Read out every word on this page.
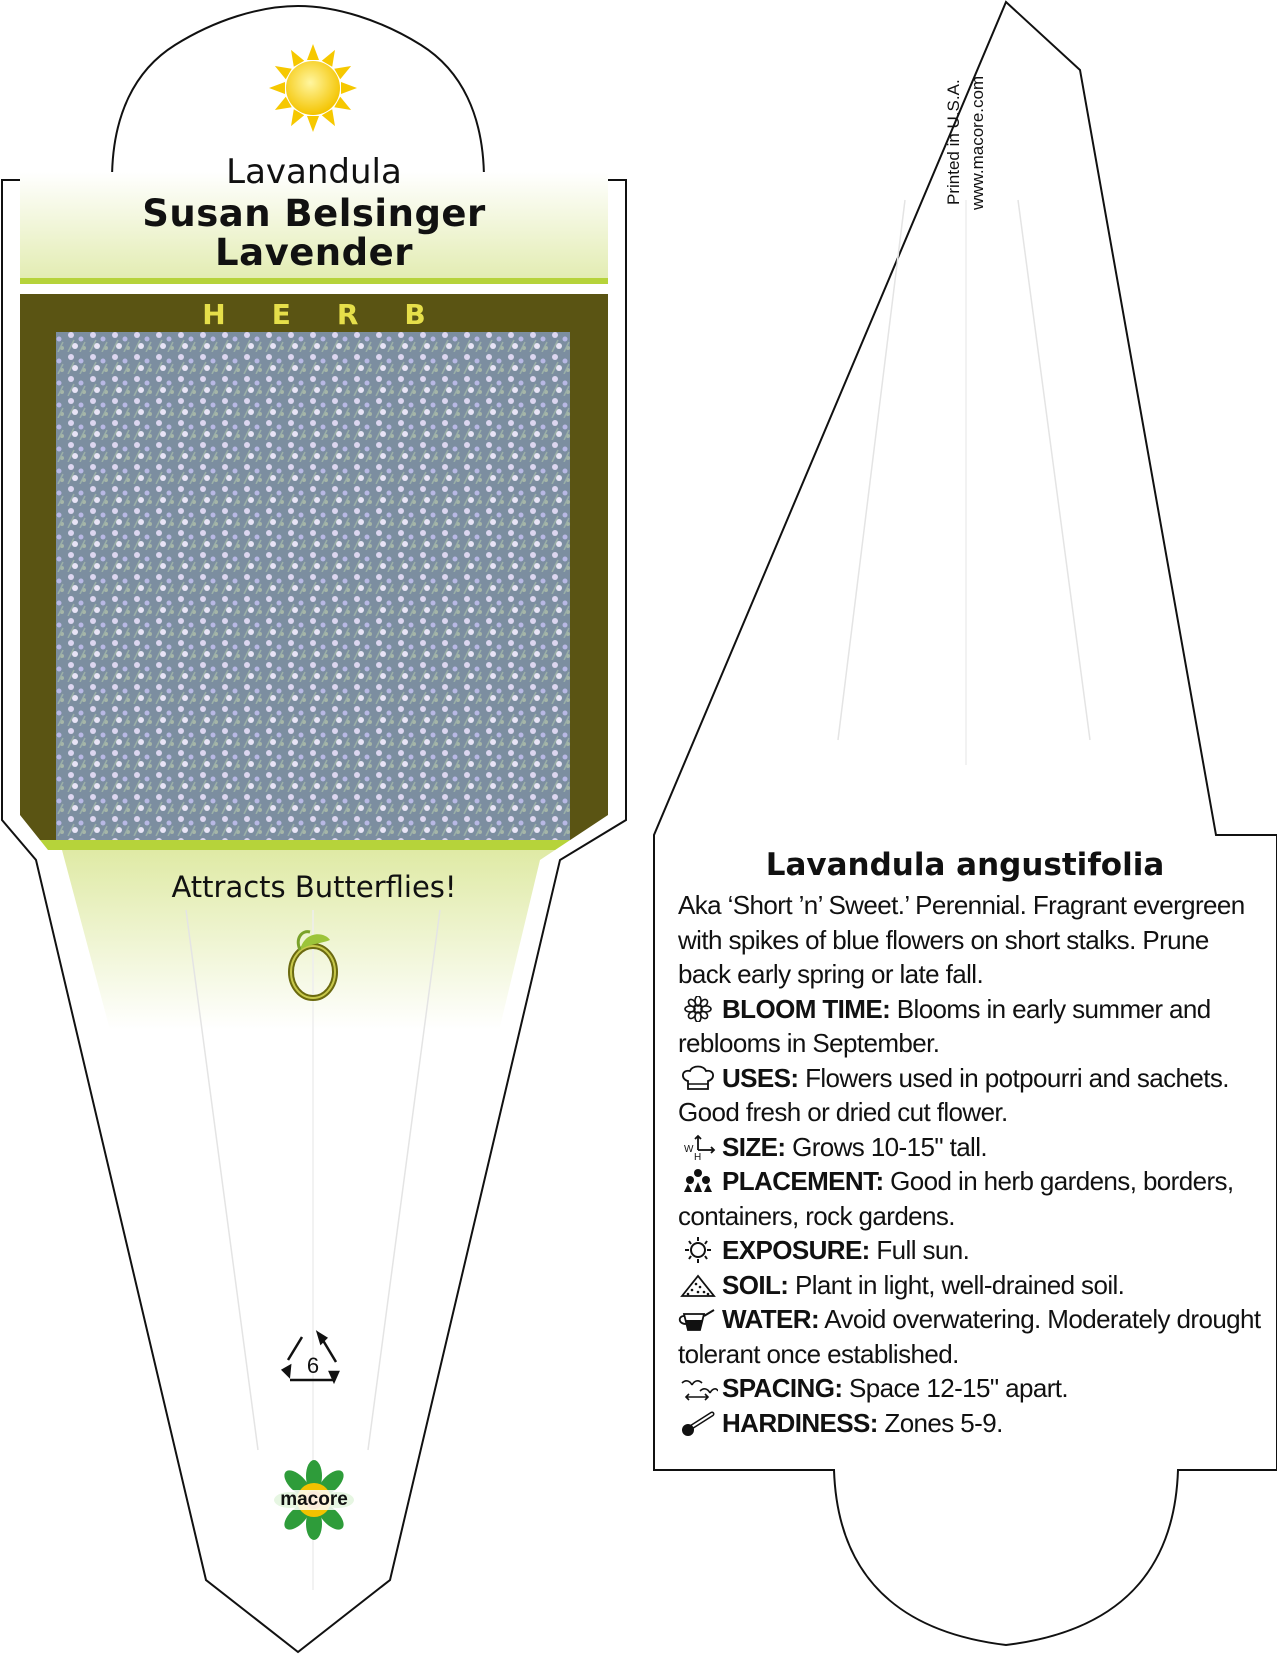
Lavandula
Susan Belsinger
Lavender
HERB
Attracts Butterflies!
6
macore
Printed in U.S.A. www.macore.com
Lavandula angustifolia

Aka ‘Short ’n’ Sweet.’ Perennial. Fragrant evergreen with spikes of blue flowers on short stalks. Prune back early spring or late fall.

BLOOM TIME: Blooms in early summer and reblooms in September.

USES: Flowers used in potpourri and sachets. Good fresh or dried cut flower.

W
H SIZE: Grows 10-15" tall.

PLACEMENT: Good in herb gardens, borders, containers, rock gardens.

EXPOSURE: Full sun.

SOIL: Plant in light, well-drained soil.

WATER: Avoid overwatering. Moderately drought tolerant once established.

SPACING: Space 12-15" apart.

HARDINESS: Zones 5-9.
